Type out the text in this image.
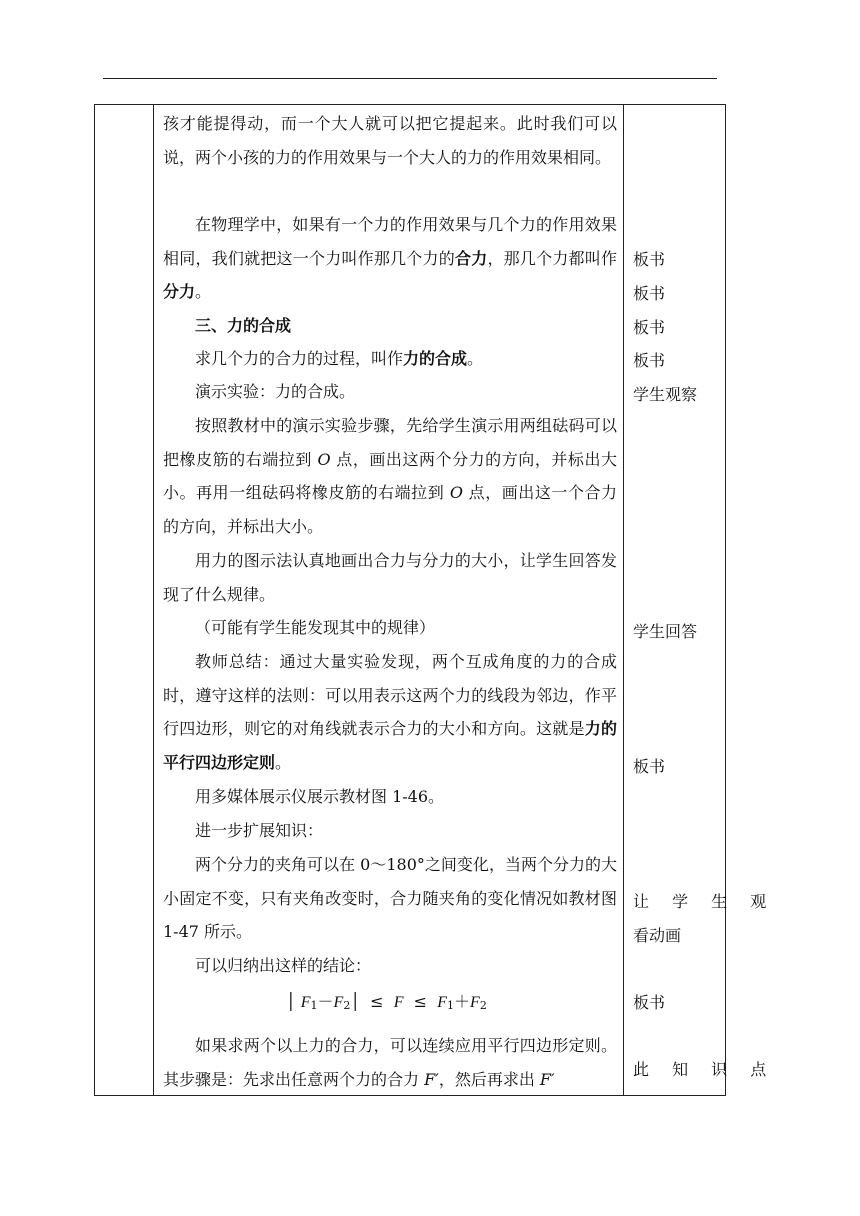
孩才能提得动，而一个大人就可以把它提起来。此时我们可以说，两个小孩的力的作用效果与一个大人的力的作用效果相同。
在物理学中，如果有一个力的作用效果与几个力的作用效果相同，我们就把这一个力叫作那几个力的合力，那几个力都叫作分力。
三、力的合成
求几个力的合力的过程，叫作力的合成。
演示实验：力的合成。
按照教材中的演示实验步骤，先给学生演示用两组砝码可以把橡皮筋的右端拉到 O 点，画出这两个分力的方向，并标出大小。再用一组砝码将橡皮筋的右端拉到 O 点，画出这一个合力的方向，并标出大小。
用力的图示法认真地画出合力与分力的大小，让学生回答发现了什么规律。
（可能有学生能发现其中的规律）
教师总结：通过大量实验发现，两个互成角度的力的合成时，遵守这样的法则：可以用表示这两个力的线段为邻边，作平行四边形，则它的对角线就表示合力的大小和方向。这就是力的平行四边形定则。
用多媒体展示仪展示教材图 1-46。
进一步扩展知识：
两个分力的夹角可以在 0～180°之间变化，当两个分力的大小固定不变，只有夹角改变时，合力随夹角的变化情况如教材图 1-47 所示。
可以归纳出这样的结论：
│ $F_1-F_2│ \le F \le F_1+F_2$
如果求两个以上力的合力，可以连续应用平行四边形定则。其步骤是：先求出任意两个力的合力 F′，然后再求出 F′
板书
板书
板书
板书
学生观察
学生回答
板书
让 学 生 观
看动画
板书
此 知 识 点
